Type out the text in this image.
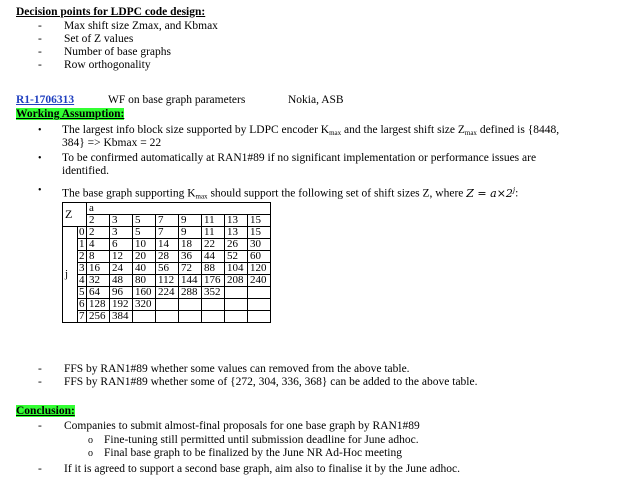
Decision points for LDPC code design:
- Max shift size Zmax, and Kbmax
- Set of Z values
- Number of base graphs
- Row orthogonality
R1-1706313	WF on base graph parameters	Nokia, ASB
Working Assumption:
• The largest info block size supported by LDPC encoder $K_{max}$ and the largest shift size $Z_{max}$ defined is {8448,
384} => Kbmax = 22
• To be confirmed automatically at RAN1#89 if no significant implementation or performance issues are
identified.
• The base graph supporting $K_{max}$ should support the following set of shift sizes Z, where $Z = a\times 2^j$:
Z		a							
		2	3	5	7	9	11	13	15
j	0	2	3	5	7	9	11	13	15
	1	4	6	10	14	18	22	26	30
	2	8	12	20	28	36	44	52	60
	3	16	24	40	56	72	88	104	120
	4	32	48	80	112	144	176	208	240
	5	64	96	160	224	288	352		
	6	128	192	320					
	7	256	384						
- FFS by RAN1#89 whether some values can removed from the above table.
- FFS by RAN1#89 whether some of {272, 304, 336, 368} can be added to the above table.
Conclusion:
- Companies to submit almost-final proposals for one base graph by RAN1#89
o Fine-tuning still permitted until submission deadline for June adhoc.
o Final base graph to be finalized by the June NR Ad-Hoc meeting
- If it is agreed to support a second base graph, aim also to finalise it by the June adhoc.
